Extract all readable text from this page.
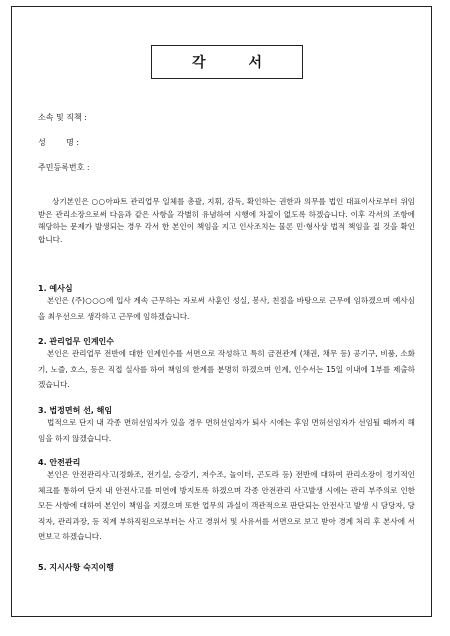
각	서
소속 및 직책 :
성        명 :
주민등록번호 :
상기본인은 ○○아파트 관리업무 일체를 총괄, 지휘, 감독, 확인하는 권한과 의무를 법인 대표이사로부터 위임 받은 관리소장으로써 다음과 같은 사항을 각별히 유념하여 시행에 차질이 없도록 하겠습니다. 이후 각서의 조항에 해당하는 문제가 발생되는 경우 각서 한 본인이 책임을 지고 인사조치는 물론 민·형사상 법적 책임을 질 것을 확인합니다.
1. 예사심
본인은 (주)○○○에 입사 계속 근무하는 자로써 사훈인 성실, 봉사, 친절을 바탕으로 근무에 임하겠으며 예사심을 최우선으로 생각하고 근무에 임하겠습니다.
2. 관리업무 인계인수
본인은 관리업무 전반에 대한 인계인수를 서면으로 작성하고 특히 금전관계 (채권, 채무 등) 공기구, 비품, 소화기, 노즐, 호스, 등은 직접 실사를 하여 책임의 한계를 분명히 하겠으며 인계, 인수서는 15일 이내에 1부를 제출하겠습니다.
3. 법정면허 선, 해임
법적으로 단지 내 각종 면허선임자가 있을 경우 면허선임자가 퇴사 시에는 후임 면허선임자가 선임될 때까지 해임을 하지 않겠습니다.
4. 안전관리
본인은 안전관리사고(정화조, 전기실, 승강기, 저수조, 놀이터, 곤도라 등) 전반에 대하여 관리소장이 정기적인 체크를 통하여 단지 내 안전사고를 미연에 방지토록 하겠으며 각종 안전관리 사고발생 시에는 관리 부주의로 인한 모든 사항에 대하여 본인이 책임을 지겠으며 또한 업무의 과실이 객관적으로 판단되는 안전사고 발생 시 담당자, 당직자, 관리과장, 등 직계 부하직원으로부터는 사고 경위서 및 사유서를 서면으로 보고 받아 경계 처리 후 본사에 서면보고 하겠습니다.
5. 지시사항 숙지이행
